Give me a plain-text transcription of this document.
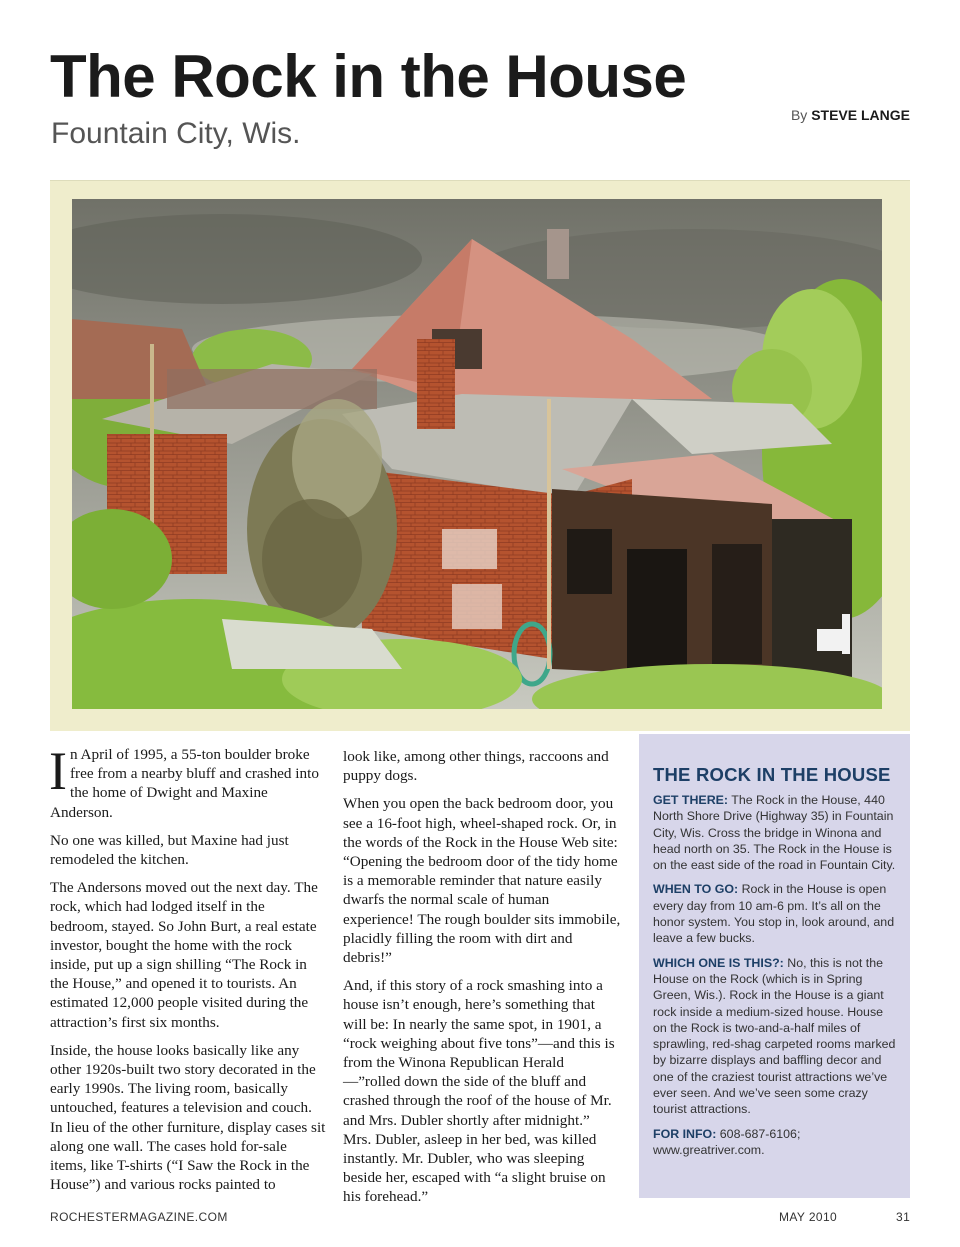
The Rock in the House
Fountain City, Wis.
By STEVE LANGE

In April of 1995, a 55-ton boulder broke free from a nearby bluff and crashed into the home of Dwight and Maxine Anderson.

No one was killed, but Maxine had just remodeled the kitchen.

The Andersons moved out the next day. The rock, which had lodged itself in the bedroom, stayed. So John Burt, a real estate investor, bought the home with the rock inside, put up a sign shilling “The Rock in the House,” and opened it to tourists. An estimated 12,000 people visited during the attraction’s first six months.

Inside, the house looks basically like any other 1920s-built two story decorated in the early 1990s. The living room, basically untouched, features a television and couch. In lieu of the other furniture, display cases sit along one wall. The cases hold for-sale items, like T-shirts (“I Saw the Rock in the House”) and various rocks painted to

look like, among other things, raccoons and puppy dogs.

When you open the back bedroom door, you see a 16-foot high, wheel-shaped rock. Or, in the words of the Rock in the House Web site: “Opening the bedroom door of the tidy home is a memorable reminder that nature easily dwarfs the normal scale of human experience! The rough boulder sits immobile, placidly filling the room with dirt and debris!”

And, if this story of a rock smashing into a house isn’t enough, here’s something that will be: In nearly the same spot, in 1901, a “rock weighing about five tons”—and this is from the Winona Republican Herald—”rolled down the side of the bluff and crashed through the roof of the house of Mr. and Mrs. Dubler shortly after midnight.” Mrs. Dubler, asleep in her bed, was killed instantly. Mr. Dubler, who was sleeping beside her, escaped with “a slight bruise on his forehead.”

THE ROCK IN THE HOUSE

GET THERE: The Rock in the House, 440 North Shore Drive (Highway 35) in Fountain City, Wis. Cross the bridge in Winona and head north on 35. The Rock in the House is on the east side of the road in Fountain City.

WHEN TO GO: Rock in the House is open every day from 10 am-6 pm. It’s all on the honor system. You stop in, look around, and leave a few bucks.

WHICH ONE IS THIS?: No, this is not the House on the Rock (which is in Spring Green, Wis.). Rock in the House is a giant rock inside a medium-sized house. House on the Rock is two-and-a-half miles of sprawling, red-shag carpeted rooms marked by bizarre displays and baffling decor and one of the craziest tourist attractions we’ve ever seen. And we’ve seen some crazy tourist attractions.

FOR INFO: 608-687-6106; www.greatriver.com.

ROCHESTERMAGAZINE.COM	MAY 2010	31
